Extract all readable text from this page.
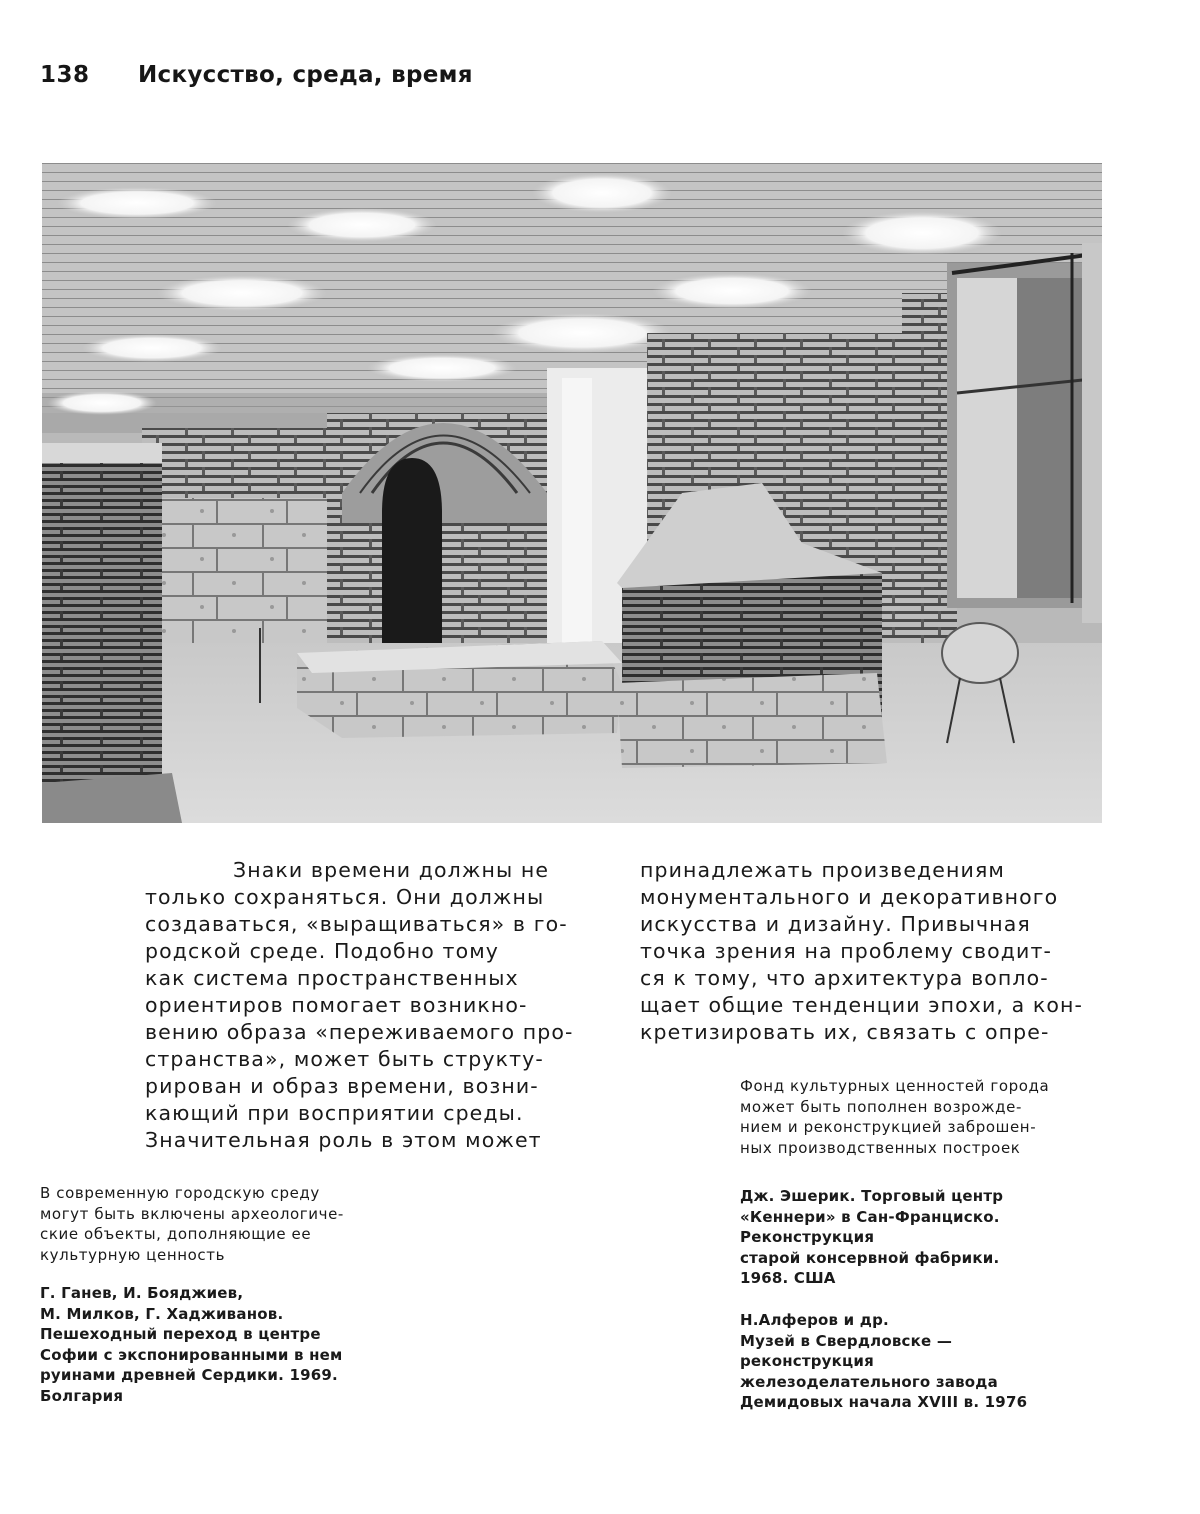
138 Искусство, среда, время
Знаки времени должны не
только сохраняться. Они должны
создаваться, «выращиваться» в го-
родской среде. Подобно тому
как система пространственных
ориентиров помогает возникно-
вению образа «переживаемого про-
странства», может быть структу-
рирован и образ времени, возни-
кающий при восприятии среды.
Значительная роль в этом может
принадлежать произведениям
монументального и декоративного
искусства и дизайну. Привычная
точка зрения на проблему сводит-
ся к тому, что архитектура вопло-
щает общие тенденции эпохи, а кон-
кретизировать их, связать с опре-
В современную городскую среду
могут быть включены археологиче-
ские объекты, дополняющие ее
культурную ценность
Г. Ганев, И. Бояджиев,
М. Милков, Г. Хадживанов.
Пешеходный переход в центре
Софии с экспонированными в нем
руинами древней Сердики. 1969.
Болгария
Фонд культурных ценностей города
может быть пополнен возрожде-
нием и реконструкцией заброшен-
ных производственных построек
Дж. Эшерик. Торговый центр
«Кеннери» в Сан-Франциско.
Реконструкция
старой консервной фабрики.
1968. США
Н.Алферов и др.
Музей в Свердловске —
реконструкция
железоделательного завода
Демидовых начала XVIII в. 1976
